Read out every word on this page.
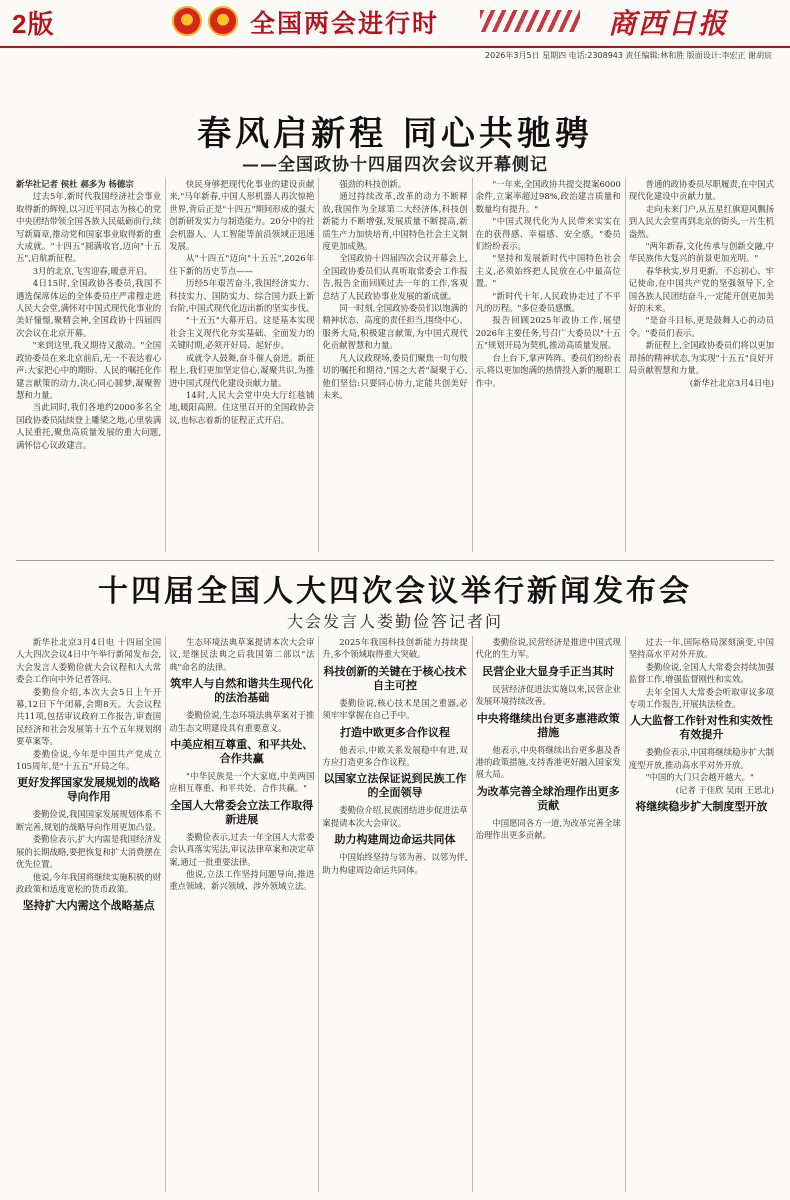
2版	全国两会进行时	商西日报
2026年3月5日 星期四 电话:2308943 责任编辑:林和胜 版面设计:李宏正 谢胡宸
春风启新程 同心共驰骋
——全国政协十四届四次会议开幕侧记

新华社记者 侯杜 郝多为 杨德宗

过去5年,新时代我国经济社会事业取得新的辉煌,以习近平同志为核心的党中央团结带领全国各族人民砥砺前行,续写新篇章,推动党和国家事业取得新的重大成就。"十四五"圆满收官,迈向"十五五",启航新征程。

3月的北京,飞雪迎春,暖意开启。

4日15时,全国政协各委员,我国不遇选保席体运的全体委员庄严肃穆走进人民大会堂,满怀对中国式现代化事业的美好憧憬,聚精会神,全国政协十四届四次会议在北京开幕。

"来到这里,我又期待又激动。"全国政协委员在来北京前后,无一不表达着心声:大家把心中的期盼、人民的嘱托化作建言献策的动力,决心同心圆梦,凝聚智慧和力量。

当此同时,我们各地约2000多名全国政协委员陆续登上雕梁之地,心里装满人民重托,聚焦高质量发展的重大问题,满怀信心议政建言。

快民身够把现代化事业的建设贡献来,"马年新春,中国人形机器人再次惊艳世界,背后正是"十四五"期间形成的强大创新研发实力与制造能力。20分中的社会机器人、人工智能等前沿领域正迅速发展。

从"十四五"迈向"十五五",2026年住下新的历史节点——

历经5年艰苦奋斗,我国经济实力、科技实力、国防实力、综合国力跃上新台阶,中国式现代化迈出新的坚实步伐。

"十五五"大幕开启。这是基本实现社会主义现代化夯实基础、全面发力的关键时期,必须开好局、起好步。

成就令人鼓舞,奋斗催人奋进。新征程上,我们更加坚定信心,凝聚共识,为推进中国式现代化建设贡献力量。

14时,人民大会堂中央大厅红毯铺地,暖阳高照。住这里召开的全国政协会议,也标志着新的征程正式开启。

强劲的科技创新。

通过持续改革,改革的动力不断释放,我国作为全球第二大经济体,科技创新能力不断增强,发展质量不断提高,新质生产力加快培育,中国特色社会主义制度更加成熟。

全国政协十四届四次会议开幕会上,全国政协委员们认真听取常委会工作报告,报告全面回顾过去一年的工作,客观总结了人民政协事业发展的新成就。

同一时刻,全国政协委员们以饱满的精神状态、高度的责任担当,围绕中心、服务大局,积极建言献策,为中国式现代化贡献智慧和力量。

凡人议政现场,委员们聚焦一句句殷切的嘱托和期待,"国之大者"凝聚于心,他们坚信:只要同心协力,定能共创美好未来。

"一年来,全国政协共提交提案6000余件,立案率超过98%,政治建言质量和数量均有提升。"

"中国式现代化为人民带来实实在在的获得感、幸福感、安全感。"委员们纷纷表示。

"坚持和发展新时代中国特色社会主义,必须始终把人民放在心中最高位置。"

"新时代十年,人民政协走过了不平凡的历程。"多位委员感慨。

报告回顾2025年政协工作,展望2026年主要任务,号召广大委员以"十五五"规划开局为契机,推动高质量发展。

台上台下,掌声阵阵。委员们纷纷表示,将以更加饱满的热情投入新的履职工作中。

普通的政协委员尽职履责,在中国式现代化建设中贡献力量。

走向未来门户,从五星红旗迎风飘扬到人民大会堂再到北京的街头,一片生机盎然。

"两年新春,文化传承与创新交融,中华民族伟大复兴的前景更加光明。"

春华秋实,岁月更新。不忘初心、牢记使命,在中国共产党的坚强领导下,全国各族人民团结奋斗,一定能开创更加美好的未来。

"是奋斗目标,更是鼓舞人心的动员令。"委员们表示。

新征程上,全国政协委员们将以更加昂扬的精神状态,为实现"十五五"良好开局贡献智慧和力量。

(新华社北京3月4日电)

十四届全国人大四次会议举行新闻发布会
大会发言人娄勤俭答记者问

新华社北京3月4日电 十四届全国人大四次会议4日中午举行新闻发布会,大会发言人娄勤俭就大会议程和人大常委会工作向中外记者答问。

娄勤俭介绍,本次大会5日上午开幕,12日下午闭幕,会期8天。大会议程共11项,包括审议政府工作报告,审查国民经济和社会发展第十五个五年规划纲要草案等。

娄勤俭说,今年是中国共产党成立105周年,是"十五五"开局之年。

更好发挥国家发展规划的战略导向作用

娄勤俭说,我国国家发展规划体系不断完善,规划的战略导向作用更加凸显。

娄勤俭表示,扩大内需是我国经济发展的长期战略,要把恢复和扩大消费摆在优先位置。

他说,今年我国将继续实施积极的财政政策和适度宽松的货币政策。

坚持扩大内需这个战略基点

生态环境法典草案提请本次大会审议,是继民法典之后我国第二部以"法典"命名的法律。

筑牢人与自然和谐共生现代化的法治基础

娄勤俭说,生态环境法典草案对于推动生态文明建设具有重要意义。

中美应相互尊重、和平共处、合作共赢

"中华民族是一个大家庭,中美两国应相互尊重、和平共处、合作共赢。"

全国人大常委会立法工作取得新进展

娄勤俭表示,过去一年全国人大常委会认真落实宪法,审议法律草案和决定草案,通过一批重要法律。

他说,立法工作坚持问题导向,推进重点领域、新兴领域、涉外领域立法。

2025年我国科技创新能力持续提升,多个领域取得重大突破。

科技创新的关键在于核心技术自主可控

娄勤俭说,核心技术是国之重器,必须牢牢掌握在自己手中。

打造中欧更多合作议程

他表示,中欧关系发展稳中有进,双方应打造更多合作议程。

以国家立法保证说到民族工作的全面领导

娄勤俭介绍,民族团结进步促进法草案提请本次大会审议。

助力构建周边命运共同体

中国始终坚持与邻为善、以邻为伴,助力构建周边命运共同体。

娄勤俭说,民营经济是推进中国式现代化的生力军。

民营企业大显身手正当其时

民营经济促进法实施以来,民营企业发展环境持续改善。

中央将继续出台更多惠港政策措施

他表示,中央将继续出台更多惠及香港的政策措施,支持香港更好融入国家发展大局。

为改革完善全球治理作出更多贡献

中国愿同各方一道,为改革完善全球治理作出更多贡献。

过去一年,国际格局深刻演变,中国坚持高水平对外开放。

娄勤俭说,全国人大常委会持续加强监督工作,增强监督刚性和实效。

去年全国人大常委会听取审议多项专项工作报告,开展执法检查。

人大监督工作针对性和实效性有效提升

娄勤俭表示,中国将继续稳步扩大制度型开放,推动高水平对外开放。

"中国的大门只会越开越大。"

(记者 于佳欣 吴雨 王思北)

将继续稳步扩大制度型开放
